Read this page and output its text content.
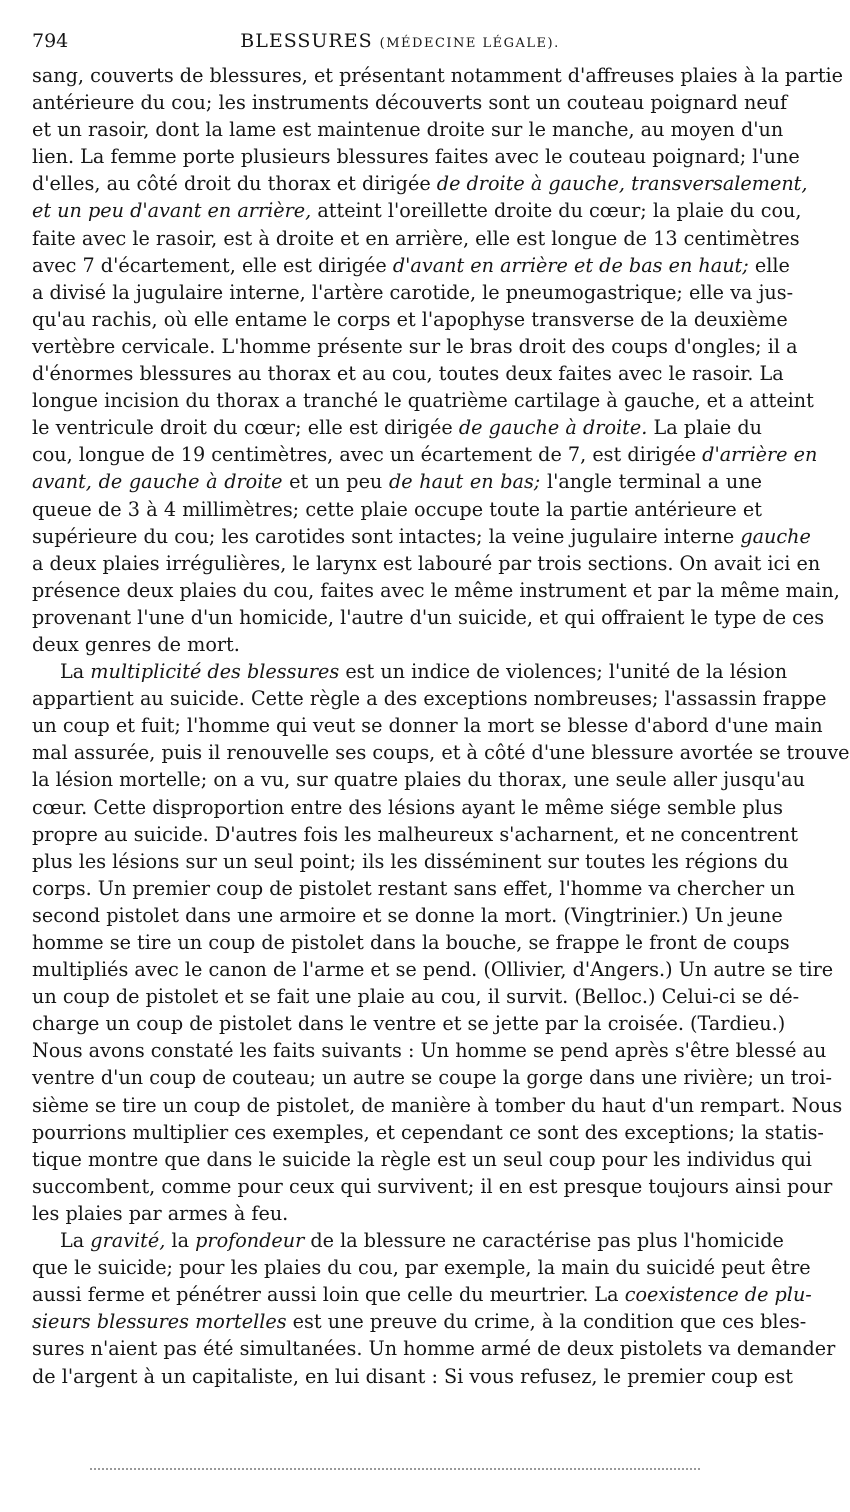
794	BLESSURES (MÉDECINE LÉGALE).
sang, couverts de blessures, et présentant notamment d'affreuses plaies à la partie
antérieure du cou; les instruments découverts sont un couteau poignard neuf
et un rasoir, dont la lame est maintenue droite sur le manche, au moyen d'un
lien. La femme porte plusieurs blessures faites avec le couteau poignard; l'une
d'elles, au côté droit du thorax et dirigée de droite à gauche, transversalement,
et un peu d'avant en arrière, atteint l'oreillette droite du cœur; la plaie du cou,
faite avec le rasoir, est à droite et en arrière, elle est longue de 13 centimètres
avec 7 d'écartement, elle est dirigée d'avant en arrière et de bas en haut; elle
a divisé la jugulaire interne, l'artère carotide, le pneumogastrique; elle va jus-
qu'au rachis, où elle entame le corps et l'apophyse transverse de la deuxième
vertèbre cervicale. L'homme présente sur le bras droit des coups d'ongles; il a
d'énormes blessures au thorax et au cou, toutes deux faites avec le rasoir. La
longue incision du thorax a tranché le quatrième cartilage à gauche, et a atteint
le ventricule droit du cœur; elle est dirigée de gauche à droite. La plaie du
cou, longue de 19 centimètres, avec un écartement de 7, est dirigée d'arrière en
avant, de gauche à droite et un peu de haut en bas; l'angle terminal a une
queue de 3 à 4 millimètres; cette plaie occupe toute la partie antérieure et
supérieure du cou; les carotides sont intactes; la veine jugulaire interne gauche
a deux plaies irrégulières, le larynx est labouré par trois sections. On avait ici en
présence deux plaies du cou, faites avec le même instrument et par la même main,
provenant l'une d'un homicide, l'autre d'un suicide, et qui offraient le type de ces
deux genres de mort.
La multiplicité des blessures est un indice de violences; l'unité de la lésion
appartient au suicide. Cette règle a des exceptions nombreuses; l'assassin frappe
un coup et fuit; l'homme qui veut se donner la mort se blesse d'abord d'une main
mal assurée, puis il renouvelle ses coups, et à côté d'une blessure avortée se trouve
la lésion mortelle; on a vu, sur quatre plaies du thorax, une seule aller jusqu'au
cœur. Cette disproportion entre des lésions ayant le même siége semble plus
propre au suicide. D'autres fois les malheureux s'acharnent, et ne concentrent
plus les lésions sur un seul point; ils les disséminent sur toutes les régions du
corps. Un premier coup de pistolet restant sans effet, l'homme va chercher un
second pistolet dans une armoire et se donne la mort. (Vingtrinier.) Un jeune
homme se tire un coup de pistolet dans la bouche, se frappe le front de coups
multipliés avec le canon de l'arme et se pend. (Ollivier, d'Angers.) Un autre se tire
un coup de pistolet et se fait une plaie au cou, il survit. (Belloc.) Celui-ci se dé-
charge un coup de pistolet dans le ventre et se jette par la croisée. (Tardieu.)
Nous avons constaté les faits suivants : Un homme se pend après s'être blessé au
ventre d'un coup de couteau; un autre se coupe la gorge dans une rivière; un troi-
sième se tire un coup de pistolet, de manière à tomber du haut d'un rempart. Nous
pourrions multiplier ces exemples, et cependant ce sont des exceptions; la statis-
tique montre que dans le suicide la règle est un seul coup pour les individus qui
succombent, comme pour ceux qui survivent; il en est presque toujours ainsi pour
les plaies par armes à feu.
La gravité, la profondeur de la blessure ne caractérise pas plus l'homicide
que le suicide; pour les plaies du cou, par exemple, la main du suicidé peut être
aussi ferme et pénétrer aussi loin que celle du meurtrier. La coexistence de plu-
sieurs blessures mortelles est une preuve du crime, à la condition que ces bles-
sures n'aient pas été simultanées. Un homme armé de deux pistolets va demander
de l'argent à un capitaliste, en lui disant : Si vous refusez, le premier coup est
